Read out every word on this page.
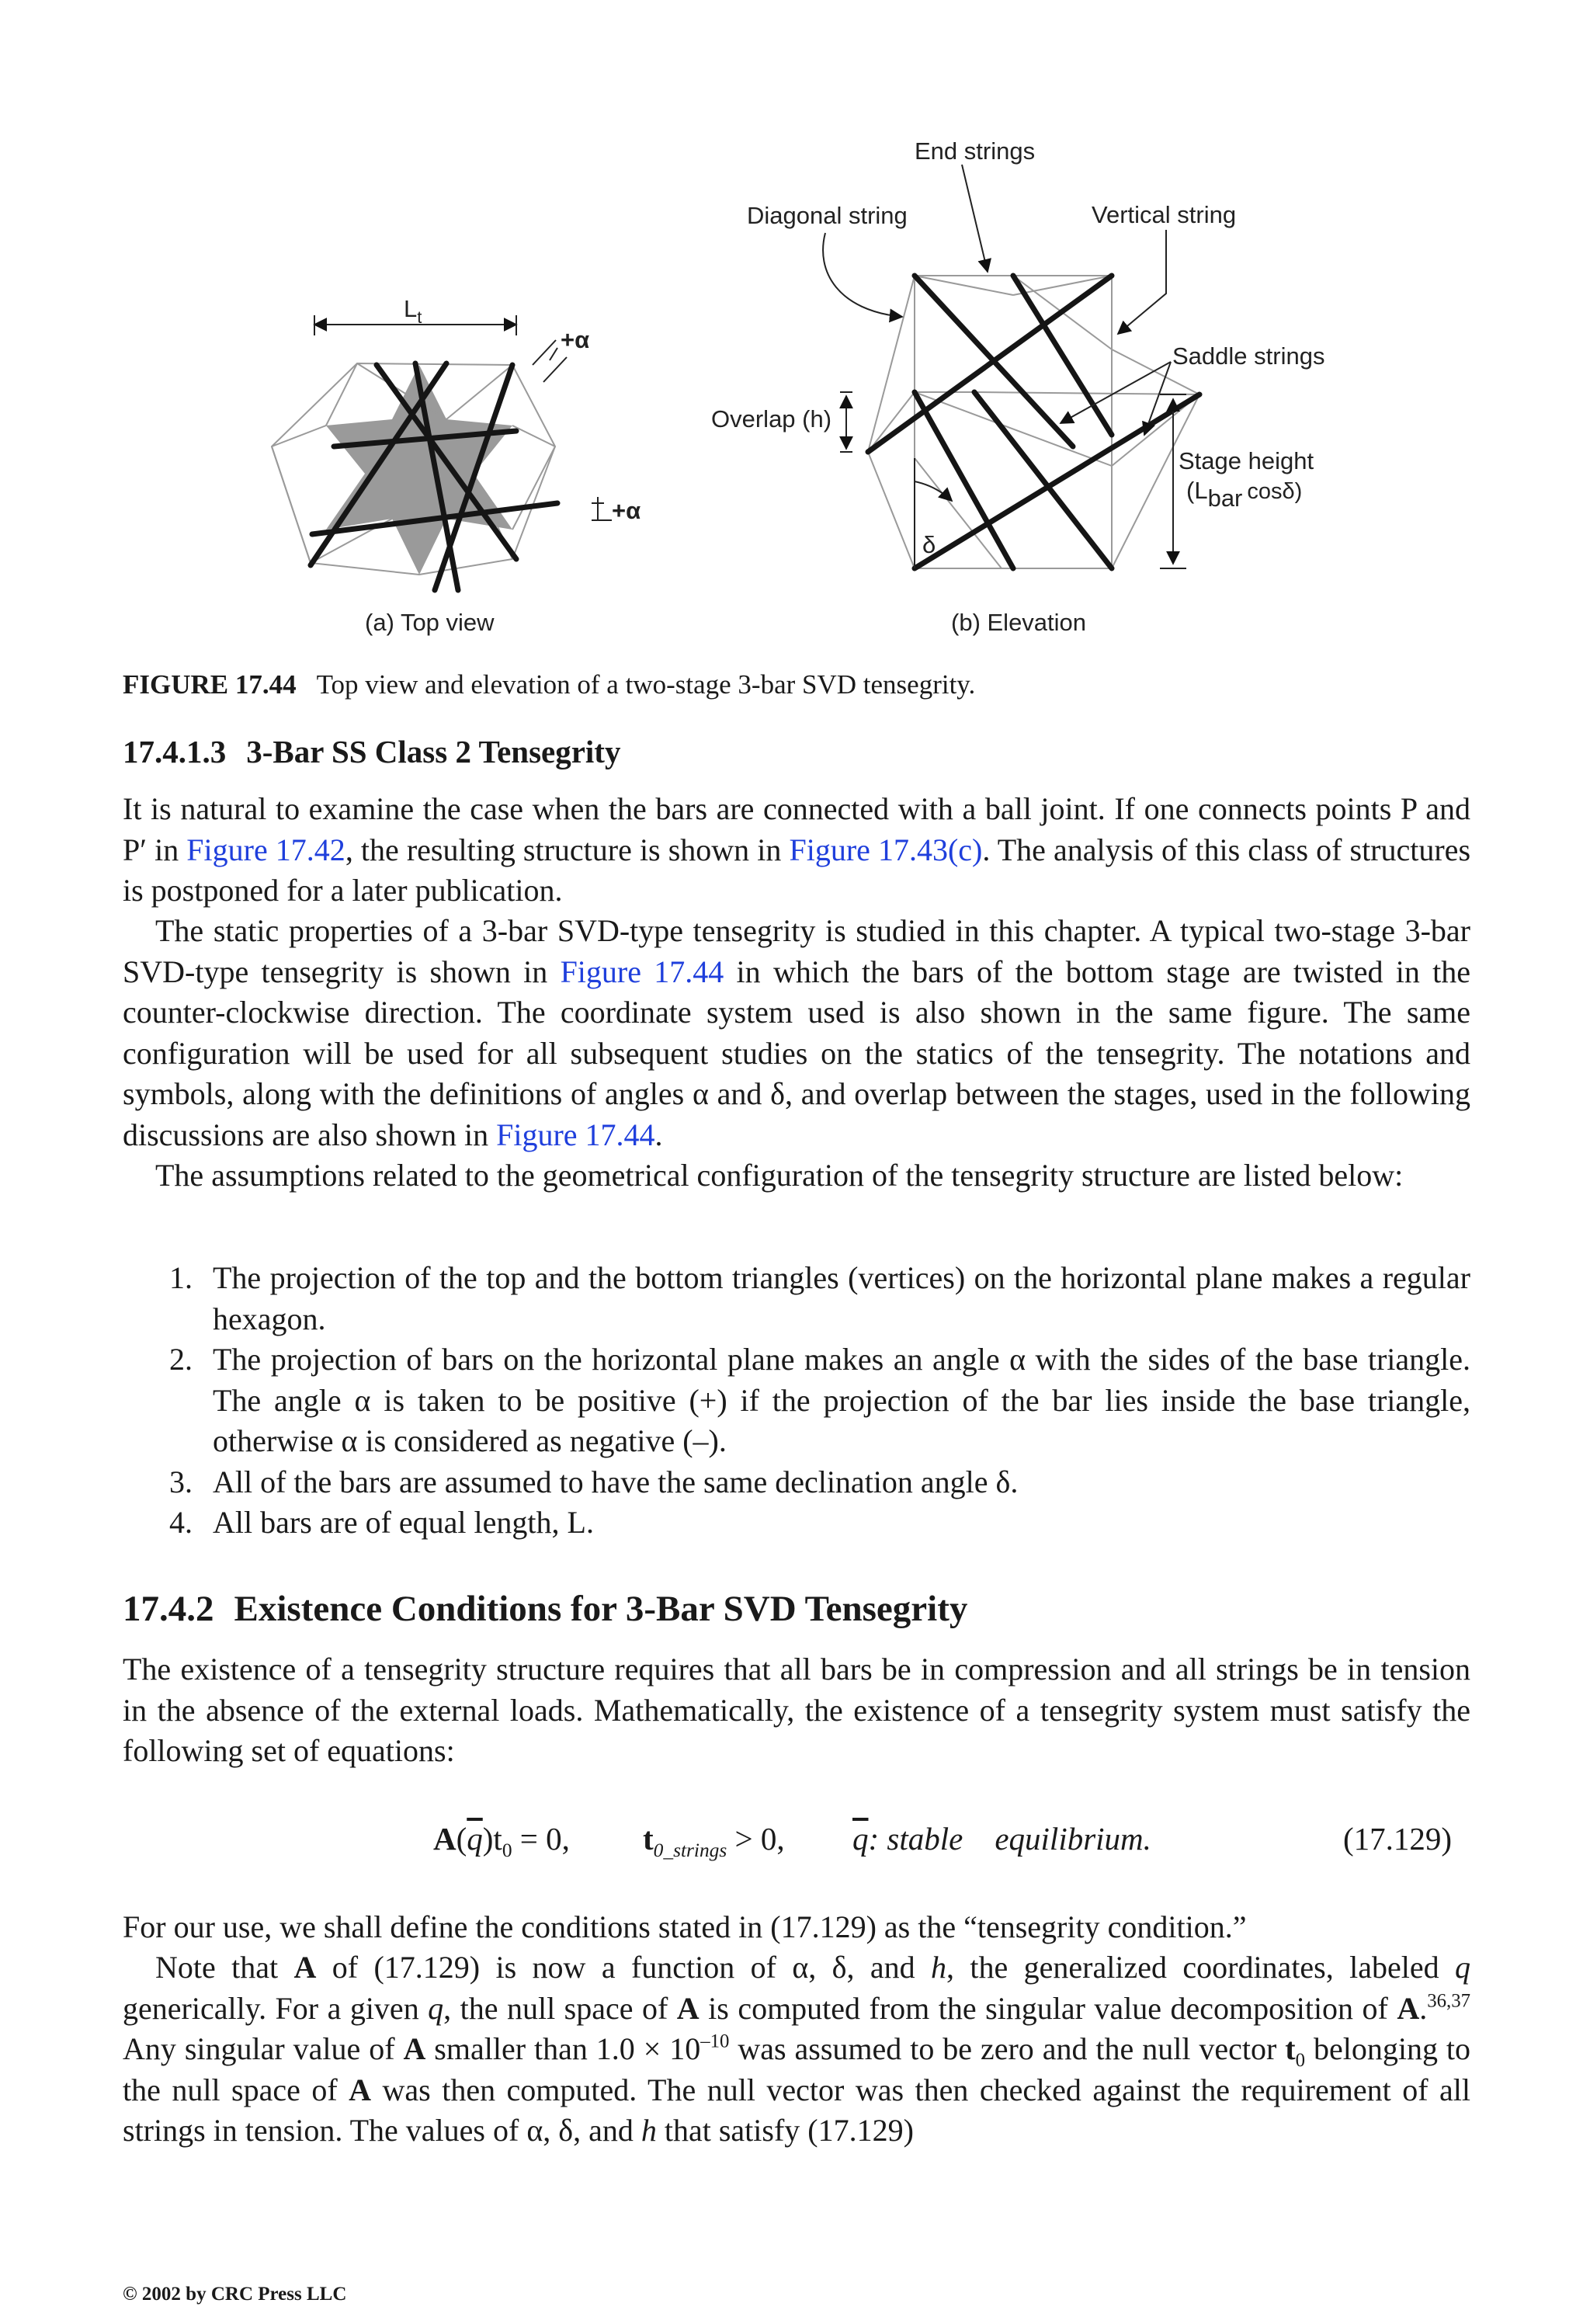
$L_t$
+α
+α
(a) Top view
δ
Overlap (h)
Stage height
(Lbar cosδ)
End strings
Diagonal string	Vertical string
Saddle strings
(b) Elevation
FIGURE 17.44 Top view and elevation of a two-stage 3-bar SVD tensegrity.
17.4.1.3 3-Bar SS Class 2 Tensegrity
It is natural to examine the case when the bars are connected with a ball joint. If one connects points P and P′ in Figure 17.42, the resulting structure is shown in Figure 17.43(c). The analysis of this class of structures is postponed for a later publication.
The static properties of a 3-bar SVD-type tensegrity is studied in this chapter. A typical two-stage 3-bar SVD-type tensegrity is shown in Figure 17.44 in which the bars of the bottom stage are twisted in the counter-clockwise direction. The coordinate system used is also shown in the same figure. The same configuration will be used for all subsequent studies on the statics of the tensegrity. The notations and symbols, along with the definitions of angles α and δ, and overlap between the stages, used in the following discussions are also shown in Figure 17.44.
The assumptions related to the geometrical configuration of the tensegrity structure are listed below:
1. The projection of the top and the bottom triangles (vertices) on the horizontal plane makes a regular hexagon.
2. The projection of bars on the horizontal plane makes an angle α with the sides of the base triangle. The angle α is taken to be positive (+) if the projection of the bar lies inside the base triangle, otherwise α is considered as negative (–).
3. All of the bars are assumed to have the same declination angle δ.
4. All bars are of equal length, L.
17.4.2 Existence Conditions for 3-Bar SVD Tensegrity
The existence of a tensegrity structure requires that all bars be in compression and all strings be in tension in the absence of the external loads. Mathematically, the existence of a tensegrity system must satisfy the following set of equations:
$A(\overline{q})t_0 = 0$, $t_{0\_strings} > 0$, $\overline{q}$: stable    equilibrium.	(17.129)
For our use, we shall define the conditions stated in (17.129) as the “tensegrity condition.”
Note that A of (17.129) is now a function of α, δ, and h, the generalized coordinates, labeled q generically. For a given q, the null space of A is computed from the singular value decomposition of A.$^{36,37}$ Any singular value of A smaller than $1.0 \times 10^{-10}$ was assumed to be zero and the null vector $t_0$ belonging to the null space of A was then computed. The null vector was then checked against the requirement of all strings in tension. The values of α, δ, and h that satisfy (17.129)
© 2002 by CRC Press LLC
